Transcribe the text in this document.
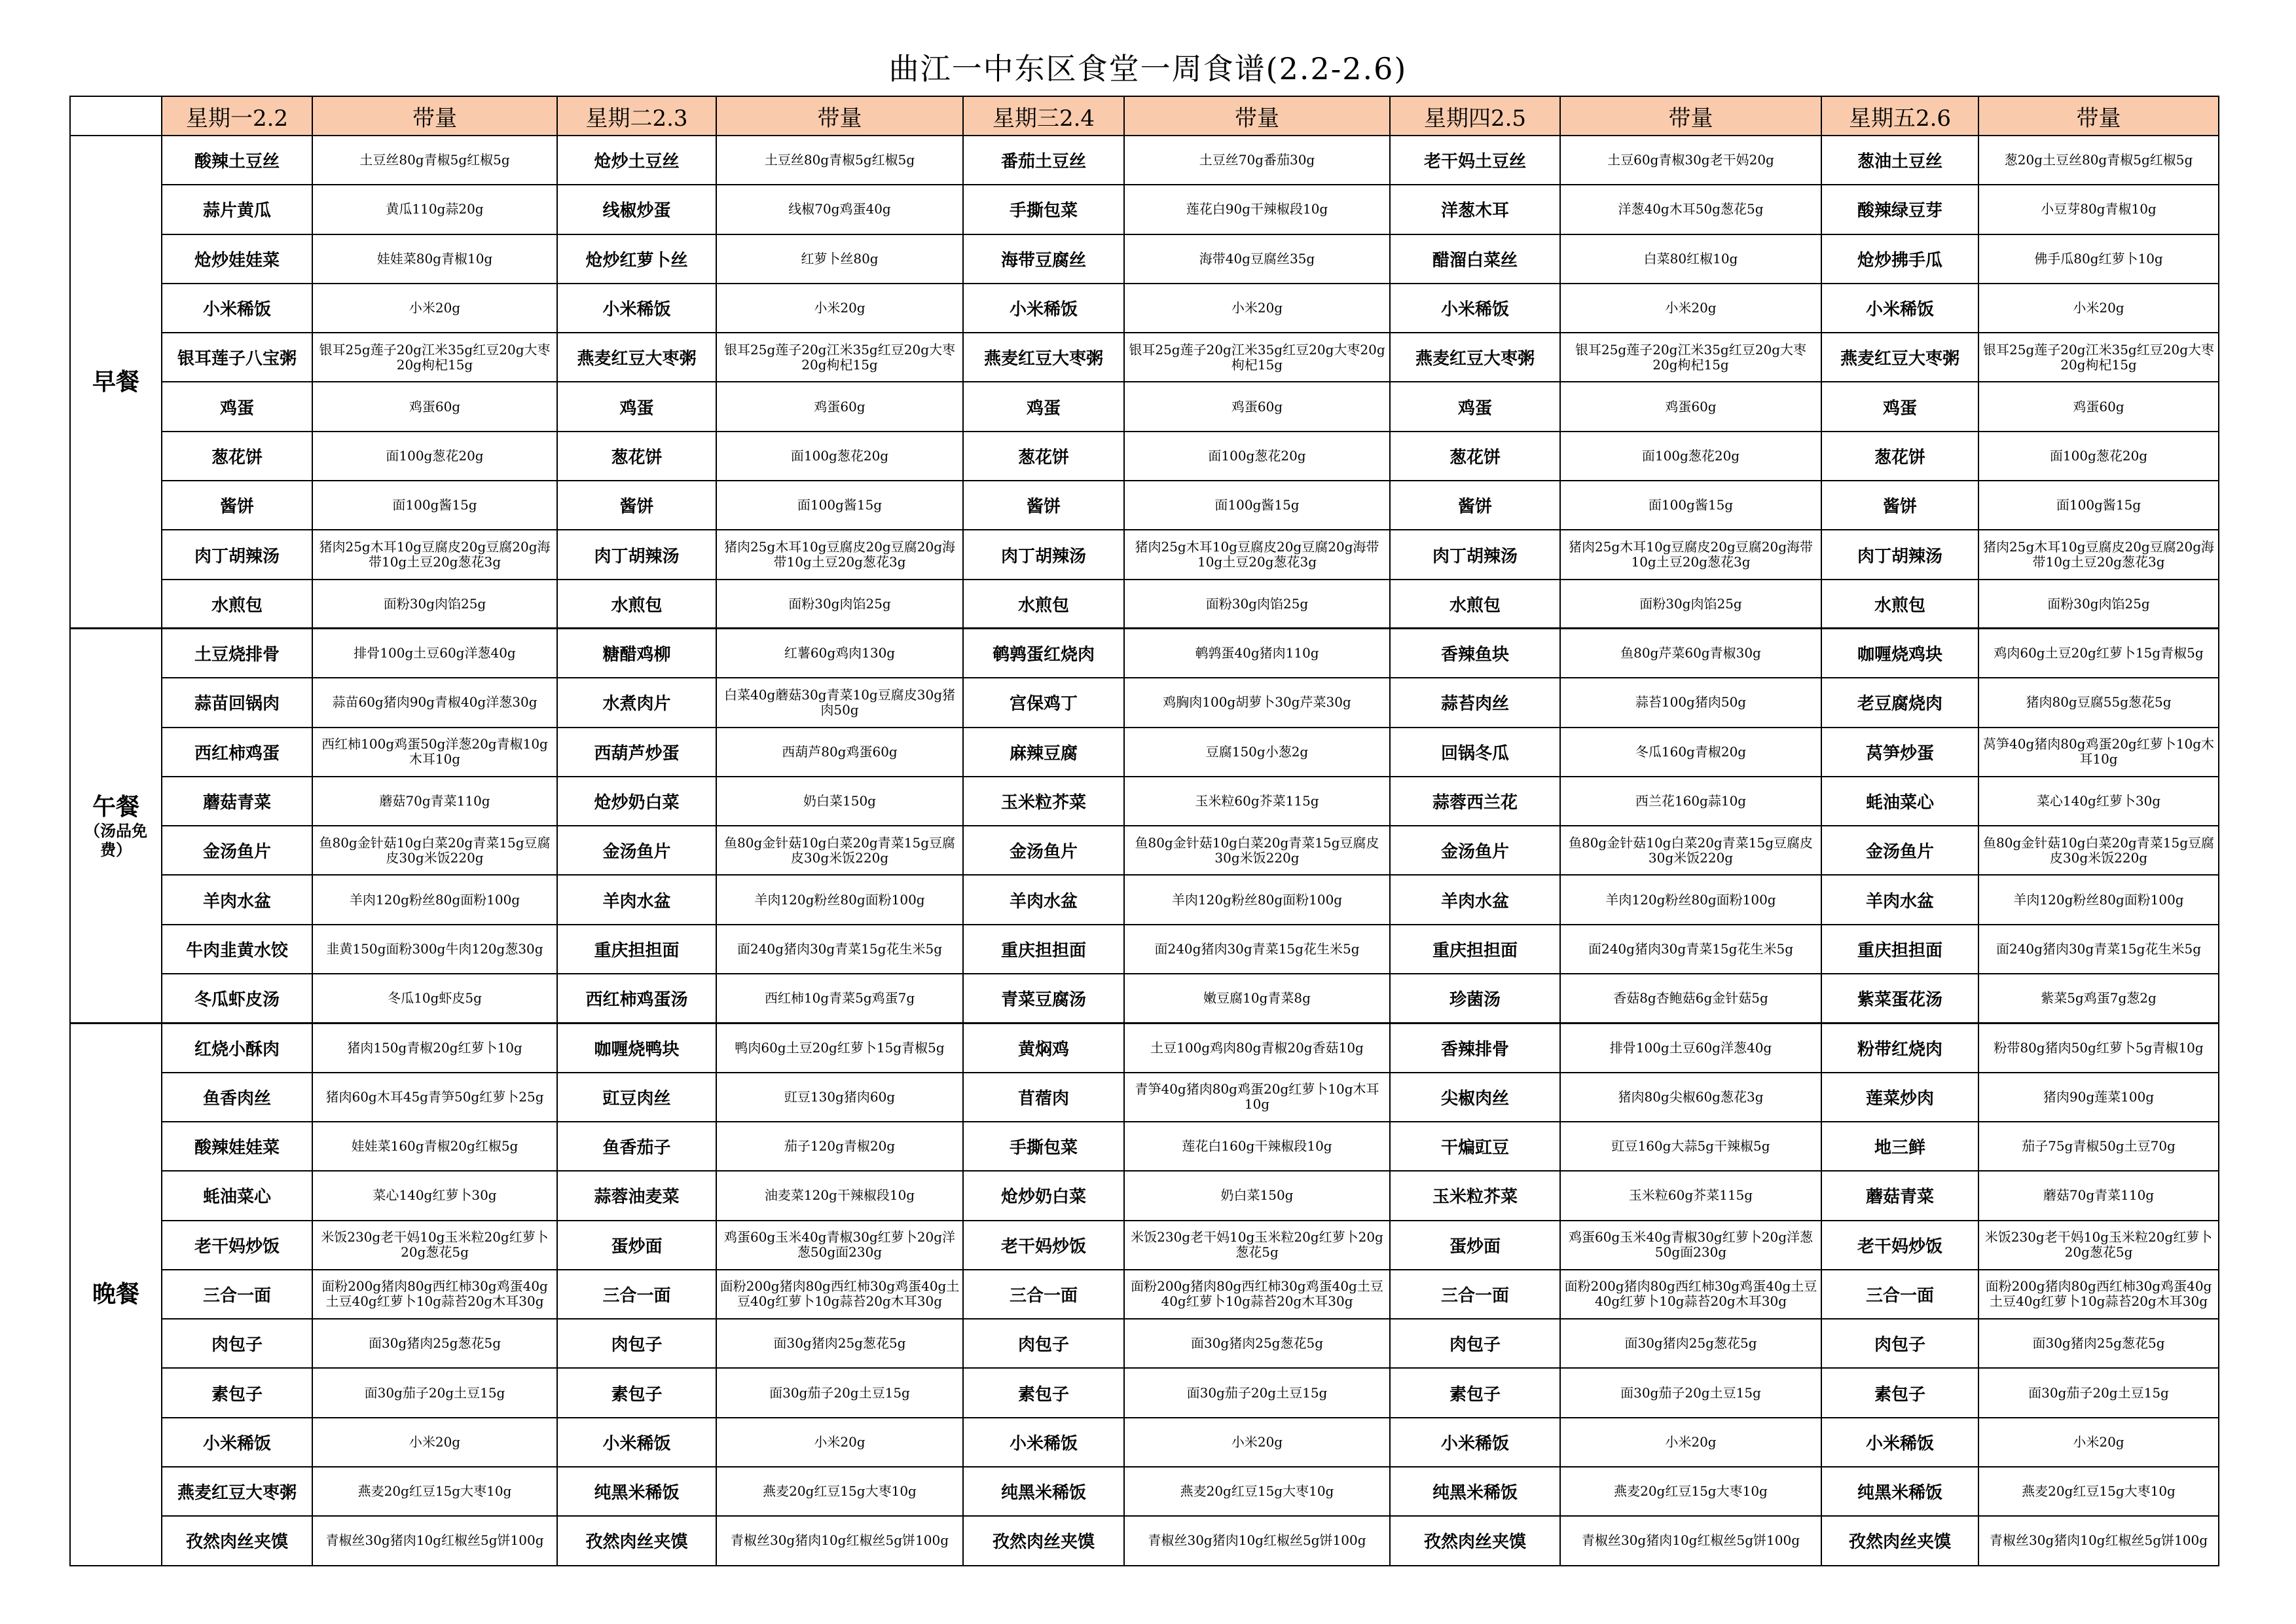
曲江一中东区食堂一周食谱(2.2-2.6)
	星期一2.2	带量	星期二2.3	带量	星期三2.4	带量	星期四2.5	带量	星期五2.6	带量
早餐	酸辣土豆丝	土豆丝80g青椒5g红椒5g	炝炒土豆丝	土豆丝80g青椒5g红椒5g	番茄土豆丝	土豆丝70g番茄30g	老干妈土豆丝	土豆60g青椒30g老干妈20g	葱油土豆丝	葱20g土豆丝80g青椒5g红椒5g
	蒜片黄瓜	黄瓜110g蒜20g	线椒炒蛋	线椒70g鸡蛋40g	手撕包菜	莲花白90g干辣椒段10g	洋葱木耳	洋葱40g木耳50g葱花5g	酸辣绿豆芽	小豆芽80g青椒10g
	炝炒娃娃菜	娃娃菜80g青椒10g	炝炒红萝卜丝	红萝卜丝80g	海带豆腐丝	海带40g豆腐丝35g	醋溜白菜丝	白菜80红椒10g	炝炒拂手瓜	佛手瓜80g红萝卜10g
	小米稀饭	小米20g	小米稀饭	小米20g	小米稀饭	小米20g	小米稀饭	小米20g	小米稀饭	小米20g
	银耳莲子八宝粥	银耳25g莲子20g江米35g红豆20g大枣20g枸杞15g	燕麦红豆大枣粥	银耳25g莲子20g江米35g红豆20g大枣20g枸杞15g	燕麦红豆大枣粥	银耳25g莲子20g江米35g红豆20g大枣20g枸杞15g	燕麦红豆大枣粥	银耳25g莲子20g江米35g红豆20g大枣20g枸杞15g	燕麦红豆大枣粥	银耳25g莲子20g江米35g红豆20g大枣20g枸杞15g
	鸡蛋	鸡蛋60g	鸡蛋	鸡蛋60g	鸡蛋	鸡蛋60g	鸡蛋	鸡蛋60g	鸡蛋	鸡蛋60g
	葱花饼	面100g葱花20g	葱花饼	面100g葱花20g	葱花饼	面100g葱花20g	葱花饼	面100g葱花20g	葱花饼	面100g葱花20g
	酱饼	面100g酱15g	酱饼	面100g酱15g	酱饼	面100g酱15g	酱饼	面100g酱15g	酱饼	面100g酱15g
	肉丁胡辣汤	猪肉25g木耳10g豆腐皮20g豆腐20g海带10g土豆20g葱花3g	肉丁胡辣汤	猪肉25g木耳10g豆腐皮20g豆腐20g海带10g土豆20g葱花3g	肉丁胡辣汤	猪肉25g木耳10g豆腐皮20g豆腐20g海带10g土豆20g葱花3g	肉丁胡辣汤	猪肉25g木耳10g豆腐皮20g豆腐20g海带10g土豆20g葱花3g	肉丁胡辣汤	猪肉25g木耳10g豆腐皮20g豆腐20g海带10g土豆20g葱花3g
	水煎包	面粉30g肉馅25g	水煎包	面粉30g肉馅25g	水煎包	面粉30g肉馅25g	水煎包	面粉30g肉馅25g	水煎包	面粉30g肉馅25g
午餐
（汤品免费）	土豆烧排骨	排骨100g土豆60g洋葱40g	糖醋鸡柳	红薯60g鸡肉130g	鹌鹑蛋红烧肉	鹌鹑蛋40g猪肉110g	香辣鱼块	鱼80g芹菜60g青椒30g	咖喱烧鸡块	鸡肉60g土豆20g红萝卜15g青椒5g
	蒜苗回锅肉	蒜苗60g猪肉90g青椒40g洋葱30g	水煮肉片	白菜40g蘑菇30g青菜10g豆腐皮30g猪肉50g	宫保鸡丁	鸡胸肉100g胡萝卜30g芹菜30g	蒜苔肉丝	蒜苔100g猪肉50g	老豆腐烧肉	猪肉80g豆腐55g葱花5g
	西红柿鸡蛋	西红柿100g鸡蛋50g洋葱20g青椒10g木耳10g	西葫芦炒蛋	西葫芦80g鸡蛋60g	麻辣豆腐	豆腐150g小葱2g	回锅冬瓜	冬瓜160g青椒20g	莴笋炒蛋	莴笋40g猪肉80g鸡蛋20g红萝卜10g木耳10g
	蘑菇青菜	蘑菇70g青菜110g	炝炒奶白菜	奶白菜150g	玉米粒芥菜	玉米粒60g芥菜115g	蒜蓉西兰花	西兰花160g蒜10g	蚝油菜心	菜心140g红萝卜30g
	金汤鱼片	鱼80g金针菇10g白菜20g青菜15g豆腐皮30g米饭220g	金汤鱼片	鱼80g金针菇10g白菜20g青菜15g豆腐皮30g米饭220g	金汤鱼片	鱼80g金针菇10g白菜20g青菜15g豆腐皮30g米饭220g	金汤鱼片	鱼80g金针菇10g白菜20g青菜15g豆腐皮30g米饭220g	金汤鱼片	鱼80g金针菇10g白菜20g青菜15g豆腐皮30g米饭220g
	羊肉水盆	羊肉120g粉丝80g面粉100g	羊肉水盆	羊肉120g粉丝80g面粉100g	羊肉水盆	羊肉120g粉丝80g面粉100g	羊肉水盆	羊肉120g粉丝80g面粉100g	羊肉水盆	羊肉120g粉丝80g面粉100g
	牛肉韭黄水饺	韭黄150g面粉300g牛肉120g葱30g	重庆担担面	面240g猪肉30g青菜15g花生米5g	重庆担担面	面240g猪肉30g青菜15g花生米5g	重庆担担面	面240g猪肉30g青菜15g花生米5g	重庆担担面	面240g猪肉30g青菜15g花生米5g
	冬瓜虾皮汤	冬瓜10g虾皮5g	西红柿鸡蛋汤	西红柿10g青菜5g鸡蛋7g	青菜豆腐汤	嫩豆腐10g青菜8g	珍菌汤	香菇8g杏鲍菇6g金针菇5g	紫菜蛋花汤	紫菜5g鸡蛋7g葱2g
晚餐	红烧小酥肉	猪肉150g青椒20g红萝卜10g	咖喱烧鸭块	鸭肉60g土豆20g红萝卜15g青椒5g	黄焖鸡	土豆100g鸡肉80g青椒20g香菇10g	香辣排骨	排骨100g土豆60g洋葱40g	粉带红烧肉	粉带80g猪肉50g红萝卜5g青椒10g
	鱼香肉丝	猪肉60g木耳45g青笋50g红萝卜25g	豇豆肉丝	豇豆130g猪肉60g	苜蓿肉	青笋40g猪肉80g鸡蛋20g红萝卜10g木耳10g	尖椒肉丝	猪肉80g尖椒60g葱花3g	莲菜炒肉	猪肉90g莲菜100g
	酸辣娃娃菜	娃娃菜160g青椒20g红椒5g	鱼香茄子	茄子120g青椒20g	手撕包菜	莲花白160g干辣椒段10g	干煸豇豆	豇豆160g大蒜5g干辣椒5g	地三鲜	茄子75g青椒50g土豆70g
	蚝油菜心	菜心140g红萝卜30g	蒜蓉油麦菜	油麦菜120g干辣椒段10g	炝炒奶白菜	奶白菜150g	玉米粒芥菜	玉米粒60g芥菜115g	蘑菇青菜	蘑菇70g青菜110g
	老干妈炒饭	米饭230g老干妈10g玉米粒20g红萝卜20g葱花5g	蛋炒面	鸡蛋60g玉米40g青椒30g红萝卜20g洋葱50g面230g	老干妈炒饭	米饭230g老干妈10g玉米粒20g红萝卜20g葱花5g	蛋炒面	鸡蛋60g玉米40g青椒30g红萝卜20g洋葱50g面230g	老干妈炒饭	米饭230g老干妈10g玉米粒20g红萝卜20g葱花5g
	三合一面	面粉200g猪肉80g西红柿30g鸡蛋40g土豆40g红萝卜10g蒜苔20g木耳30g	三合一面	面粉200g猪肉80g西红柿30g鸡蛋40g土豆40g红萝卜10g蒜苔20g木耳30g	三合一面	面粉200g猪肉80g西红柿30g鸡蛋40g土豆40g红萝卜10g蒜苔20g木耳30g	三合一面	面粉200g猪肉80g西红柿30g鸡蛋40g土豆40g红萝卜10g蒜苔20g木耳30g	三合一面	面粉200g猪肉80g西红柿30g鸡蛋40g土豆40g红萝卜10g蒜苔20g木耳30g
	肉包子	面30g猪肉25g葱花5g	肉包子	面30g猪肉25g葱花5g	肉包子	面30g猪肉25g葱花5g	肉包子	面30g猪肉25g葱花5g	肉包子	面30g猪肉25g葱花5g
	素包子	面30g茄子20g土豆15g	素包子	面30g茄子20g土豆15g	素包子	面30g茄子20g土豆15g	素包子	面30g茄子20g土豆15g	素包子	面30g茄子20g土豆15g
	小米稀饭	小米20g	小米稀饭	小米20g	小米稀饭	小米20g	小米稀饭	小米20g	小米稀饭	小米20g
	燕麦红豆大枣粥	燕麦20g红豆15g大枣10g	纯黑米稀饭	燕麦20g红豆15g大枣10g	纯黑米稀饭	燕麦20g红豆15g大枣10g	纯黑米稀饭	燕麦20g红豆15g大枣10g	纯黑米稀饭	燕麦20g红豆15g大枣10g
	孜然肉丝夹馍	青椒丝30g猪肉10g红椒丝5g饼100g	孜然肉丝夹馍	青椒丝30g猪肉10g红椒丝5g饼100g	孜然肉丝夹馍	青椒丝30g猪肉10g红椒丝5g饼100g	孜然肉丝夹馍	青椒丝30g猪肉10g红椒丝5g饼100g	孜然肉丝夹馍	青椒丝30g猪肉10g红椒丝5g饼100g
